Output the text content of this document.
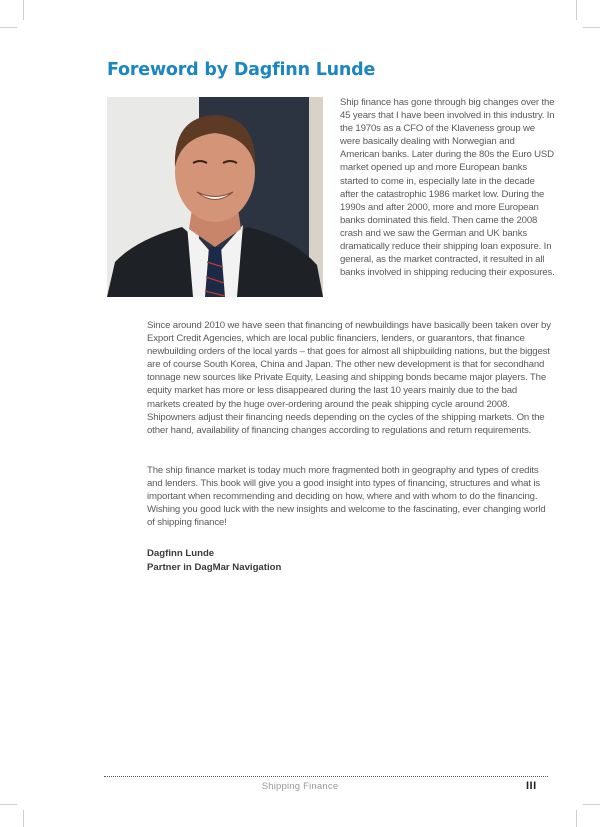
Foreword by Dagfinn Lunde

Ship finance has gone through big changes over the 45 years that I have been involved in this industry. In the 1970s as a CFO of the Klaveness group we were basically dealing with Norwegian and American banks. Later during the 80s the Euro USD market opened up and more European banks started to come in, especially late in the decade after the catastrophic 1986 market low. During the 1990s and after 2000, more and more European banks dominated this field. Then came the 2008 crash and we saw the German and UK banks dramatically reduce their shipping loan exposure. In general, as the market contracted, it resulted in all banks involved in shipping reducing their exposures.

Since around 2010 we have seen that financing of newbuildings have basically been taken over by Export Credit Agencies, which are local public financiers, lenders, or guarantors, that finance newbuilding orders of the local yards – that goes for almost all shipbuilding nations, but the biggest are of course South Korea, China and Japan. The other new development is that for secondhand tonnage new sources like Private Equity, Leasing and shipping bonds became major players. The equity market has more or less disappeared during the last 10 years mainly due to the bad markets created by the huge over-ordering around the peak shipping cycle around 2008. Shipowners adjust their financing needs depending on the cycles of the shipping markets. On the other hand, availability of financing changes according to regulations and return requirements.

The ship finance market is today much more fragmented both in geography and types of credits and lenders. This book will give you a good insight into types of financing, structures and what is important when recommending and deciding on how, where and with whom to do the financing. Wishing you good luck with the new insights and welcome to the fascinating, ever changing world of shipping finance!

Dagfinn Lunde
Partner in DagMar Navigation
Shipping Finance	III
